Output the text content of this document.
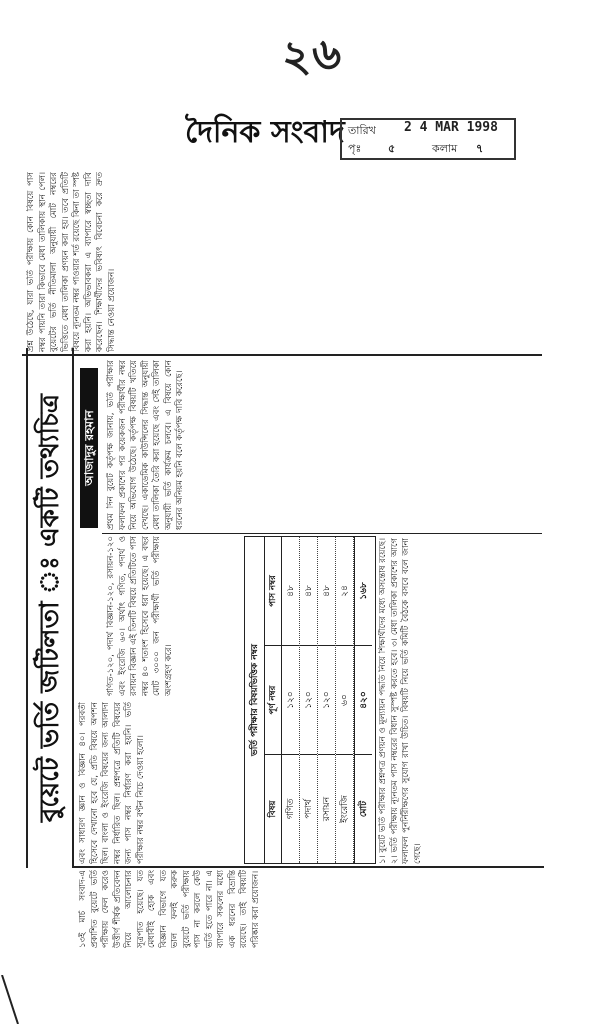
২৬
দৈনিক সংবাদ তারিখ 2 4 MAR 1998
পৃঃ ৫	কলাম ৭
বুয়েটে ভর্তি জটিলতা ঃ একটি তথ্যচিত্র	আজাদুর রহমান

১৩ই মার্চ সংবাদ-এ প্রকাশিত বুয়েটে ভর্তি পরীক্ষায় ফেল করেও উত্তীর্ণ শীর্ষক প্রতিবেদন নিয়ে আলোচনার সূত্রপাত হয়েছে। যত মেধাবীই হোক এবং বিজ্ঞান বিভাগে যত ভাল ফলই করুক বুয়েটে ভর্তি পরীক্ষায় পাস না করলে কেউ ভর্তি হতে পারে না। এ ব্যাপারে সকলের মধ্যে এক ধরনের বিভ্রান্তি রয়েছে। তাই বিষয়টি পরিষ্কার করা প্রয়োজন।

এবং সাধারণ জ্ঞান ও বিজ্ঞান ৪০। পরবর্তী হিসেবে দেখানো হবে যে, প্রতি বিষয়ে অপশন ছিল। বাংলা ও ইংরেজি বিষয়ের জন্য আলাদা নম্বর নির্ধারিত ছিল। প্রশ্নপত্রে প্রতিটি বিষয়ের জন্য পাস নম্বর নির্ধারণ করা হয়নি। ভর্তি পরীক্ষার নম্বর বণ্টন নিচে দেওয়া হলো।

গণিত-১২০, পদার্থ বিজ্ঞান-১২০, রসায়ন-১২০ এবং ইংরেজি ৬০। অর্থাৎ গণিত, পদার্থ ও রসায়ন বিজ্ঞান এই তিনটি বিষয়ে প্রতিটিতে পাস নম্বর ৪০ শতাংশ হিসেবে ধরা হয়েছে। এ বছর মোট ৩০০০ জন পরীক্ষার্থী ভর্তি পরীক্ষায় অংশগ্রহণ করে।

প্রথম দিন বুয়েট কর্তৃপক্ষ জানায়, ভর্তি পরীক্ষার ফলাফল প্রকাশের পর কয়েকজন পরীক্ষার্থীর নম্বর নিয়ে অভিযোগ উঠেছে। কর্তৃপক্ষ বিষয়টি খতিয়ে দেখছে। একাডেমিক কাউন্সিলের সিদ্ধান্ত অনুযায়ী মেধা তালিকা তৈরি করা হয়েছে এবং সেই তালিকা অনুযায়ী ভর্তি কার্যক্রম চলবে। এ বিষয়ে কোন ধরনের অনিয়ম হয়নি বলে কর্তৃপক্ষ দাবি করেছে।

প্রশ্ন উঠেছে, যারা ভর্তি পরীক্ষায় কোন বিষয়ে পাস নম্বর পায়নি তারা কিভাবে মেধা তালিকায় স্থান পেল। বুয়েটের ভর্তি নীতিমালা অনুযায়ী মোট নম্বরের ভিত্তিতে মেধা তালিকা প্রণয়ন করা হয়। তবে প্রতিটি বিষয়ে ন্যূনতম নম্বর পাওয়ার শর্ত রয়েছে কিনা তা স্পষ্ট করা হয়নি। অভিভাবকরা এ ব্যাপারে স্বচ্ছতা দাবি করেছেন। শিক্ষার্থীদের ভবিষ্যৎ বিবেচনা করে দ্রুত সিদ্ধান্ত নেওয়া প্রয়োজন।

১। বুয়েট ভর্তি পরীক্ষার প্রশ্নপত্র প্রণয়ন ও মূল্যায়ন পদ্ধতি নিয়ে শিক্ষার্থীদের মধ্যে অসন্তোষ রয়েছে। ২। ভর্তি পরীক্ষায় ন্যূনতম পাস নম্বরের বিধান সুস্পষ্ট করতে হবে। ৩। মেধা তালিকা প্রকাশের আগে ফলাফল পুনর্নিরীক্ষণের সুযোগ রাখা উচিত। বিষয়টি নিয়ে ভর্তি কমিটি বৈঠকে বসবে বলে জানা গেছে।

ভর্তি পরীক্ষার বিষয়ভিত্তিক নম্বর
বিষয়
পূর্ণ নম্বর
পাস নম্বর
গণিত
১২০
৪৮
পদার্থ
১২০
৪৮
রসায়ন
১২০
৪৮
ইংরেজি
৬০
২৪
মোট
৪২০
১৬৮
